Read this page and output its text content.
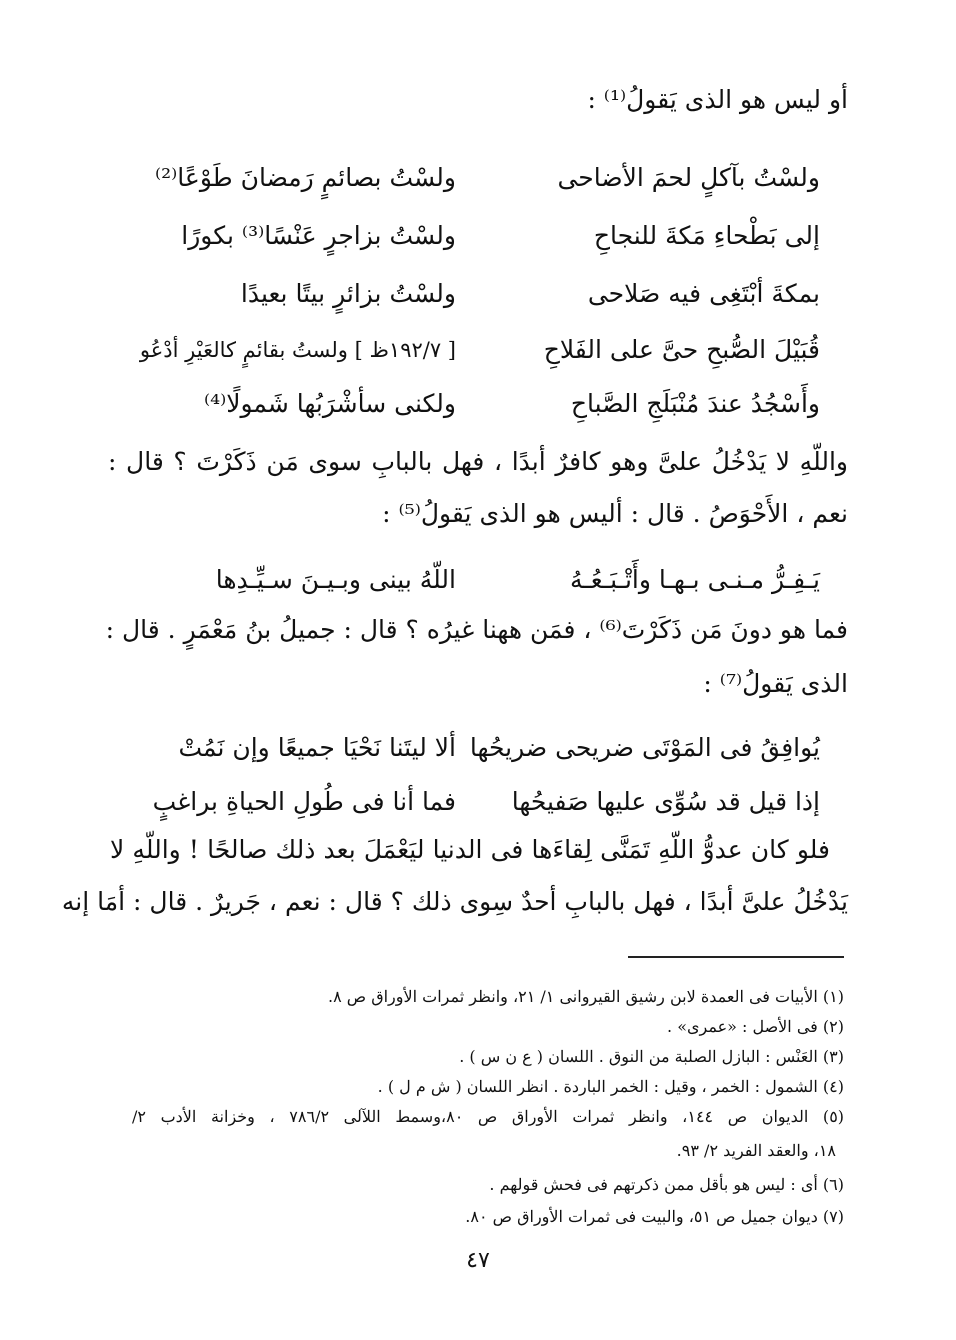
أو ليس هو الذى يَقولُ⁽¹⁾ :
ولسْتُ بصائمٍ رَمضانَ طَوْعًا⁽²⁾	ولسْتُ بآكلٍ لحمَ الأضاحى
ولسْتُ بزاجرٍ عَنْسًا⁽³⁾ بكورًا	إلى بَطْحاءِ مَكةَ للنجاحِ
ولسْتُ بزائرٍ بيتًا بعيدًا	بمكةَ أبْتَغِى فيه صَلاحى
[ ١٩٢/٧ظ ] ولستُ بقائمٍ كالعَيْرِ أدْعُو	قُبَيْلَ الصُّبحِ حىَّ على الفَلاحِ
ولكنى سأشْرَبُها شَمولًا⁽⁴⁾	وأَسْجُدُ عندَ مُنْبَلَجِ الصَّباحِ
واللّهِ لا يَدْخُلُ علىَّ وهو كافرٌ أبدًا ، فهل بالبابِ سوى مَن ذَكَرْتَ ؟ قال :
نعم ، الأَحْوَصُ . قال : أليس هو الذى يَقولُ⁽⁵⁾ :
اللّهُ بينى وبـيـنَ سـيِّـدِها	يَـفِـرُّ مـنـى بـهـا وأَتْـبَـعُـهُ
فما هو دونَ مَن ذَكَرْتَ⁽⁶⁾ ، فمَن ههنا غيرُه ؟ قال : جميلُ بنُ مَعْمَرٍ . قال :
الذى يَقولُ⁽⁷⁾ :
ألا ليتَنا نَحْيَا جميعًا وإن نَمُتْ يُوافِقُ فى المَوْتَى ضريحى ضريحُها
فما أنا فى طُولِ الحياةِ براغبٍ	إذا قيل قد سُوِّى عليها صَفيحُها
فلو كان عدوُّ اللّهِ تَمَنَّى لِقاءَها فى الدنيا ليَعْمَلَ بعد ذلك صالحًا ! واللّهِ لا
يَدْخُلُ علىَّ أبدًا ، فهل بالبابِ أحدٌ سِوى ذلك ؟ قال : نعم ، جَريرٌ . قال : أمَا إنه
(١) الأبيات فى العمدة لابن رشيق القيروانى ١/ ٢١، وانظر ثمرات الأوراق ص ٨.
(٢) فى الأصل : «عمرى» .
(٣) العَنْس : البازل الصلبة من النوق . اللسان ( ع ن س ) .
(٤) الشمول : الخمر ، وقيل : الخمر الباردة . انظر اللسان ( ش م ل ) .
(٥) الديوان ص ١٤٤، وانظر ثمرات الأوراق ص ٨٠،وسمط اللآلى ٧٨٦/٢ ، وخزانة الأدب ٢/
١٨، والعقد الفريد ٢/ ٩٣.
(٦) أى : ليس هو بأقل ممن ذكرتهم فى فحش قولهم .
(٧) ديوان جميل ص ٥١، والبيت فى ثمرات الأوراق ص ٨٠.
٤٧
